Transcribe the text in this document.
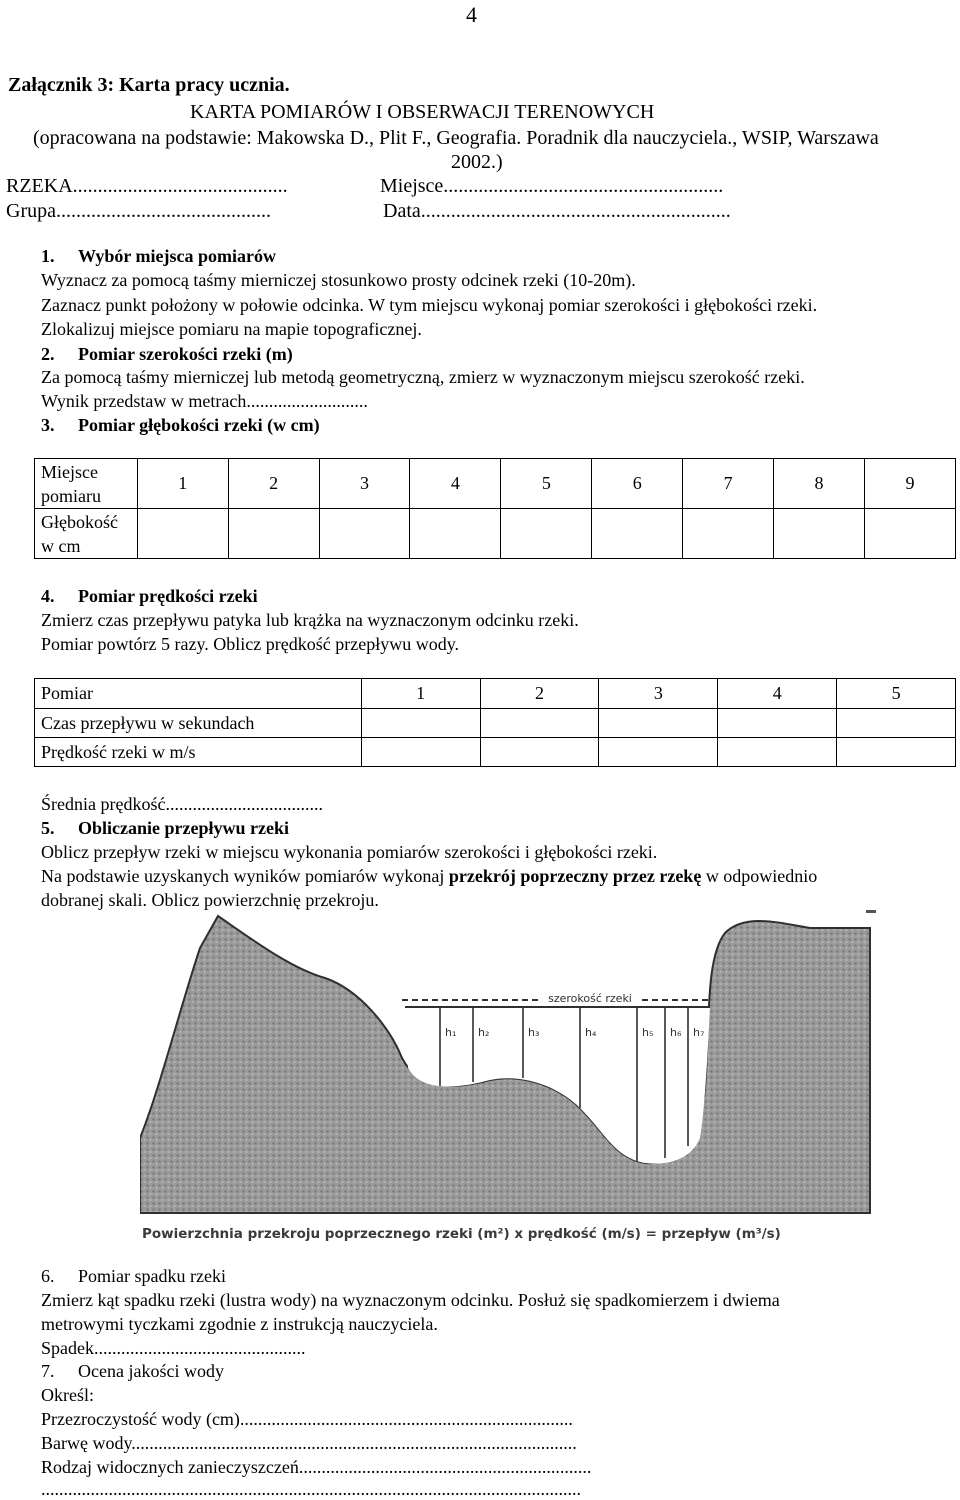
4
Załącznik 3: Karta pracy ucznia.
KARTA POMIARÓW I OBSERWACJI TERENOWYCH
(opracowana na podstawie: Makowska D., Plit F., Geografia. Poradnik dla nauczyciela., WSIP, Warszawa
2002.)
RZEKA...........................................	Miejsce........................................................
Grupa...........................................	Data..............................................................
1. Wybór miejsca pomiarów
Wyznacz za pomocą taśmy mierniczej stosunkowo prosty odcinek rzeki (10-20m).
Zaznacz punkt położony w połowie odcinka. W tym miejscu wykonaj pomiar szerokości i głębokości rzeki.
Zlokalizuj miejsce pomiaru na mapie topograficznej.
2. Pomiar szerokości rzeki (m)
Za pomocą taśmy mierniczej lub metodą geometryczną, zmierz w wyznaczonym miejscu szerokość rzeki.
Wynik przedstaw w metrach...........................
3. Pomiar głębokości rzeki (w cm)
Miejsce
pomiaru	1	2	3	4	5	6	7	8	9
Głębokość
w cm									
4. Pomiar prędkości rzeki
Zmierz czas przepływu patyka lub krążka na wyznaczonym odcinku rzeki.
Pomiar powtórz 5 razy. Oblicz prędkość przepływu wody.
Pomiar	1	2	3	4	5
Czas przepływu w sekundach					
Prędkość rzeki w m/s					
Średnia prędkość...................................
5. Obliczanie przepływu rzeki
Oblicz przepływ rzeki w miejscu wykonania pomiarów szerokości i głębokości rzeki.
Na podstawie uzyskanych wyników pomiarów wykonaj przekrój poprzeczny przez rzekę w odpowiednio
dobranej skali. Oblicz powierzchnię przekroju.
szerokość rzeki
h₁ h₂	h₃	h₄	h₅ h₆ h₇
Powierzchnia przekroju poprzecznego rzeki (m²) x prędkość (m/s) = przepływ (m³/s)
6. Pomiar spadku rzeki
Zmierz kąt spadku rzeki (lustra wody) na wyznaczonym odcinku. Posłuż się spadkomierzem i dwiema
metrowymi tyczkami zgodnie z instrukcją nauczyciela.
Spadek...............................................
7. Ocena jakości wody
Określ:
Przezroczystość wody (cm)..........................................................................
Barwę wody...................................................................................................
Rodzaj widocznych zanieczyszczeń.................................................................
........................................................................................................................
